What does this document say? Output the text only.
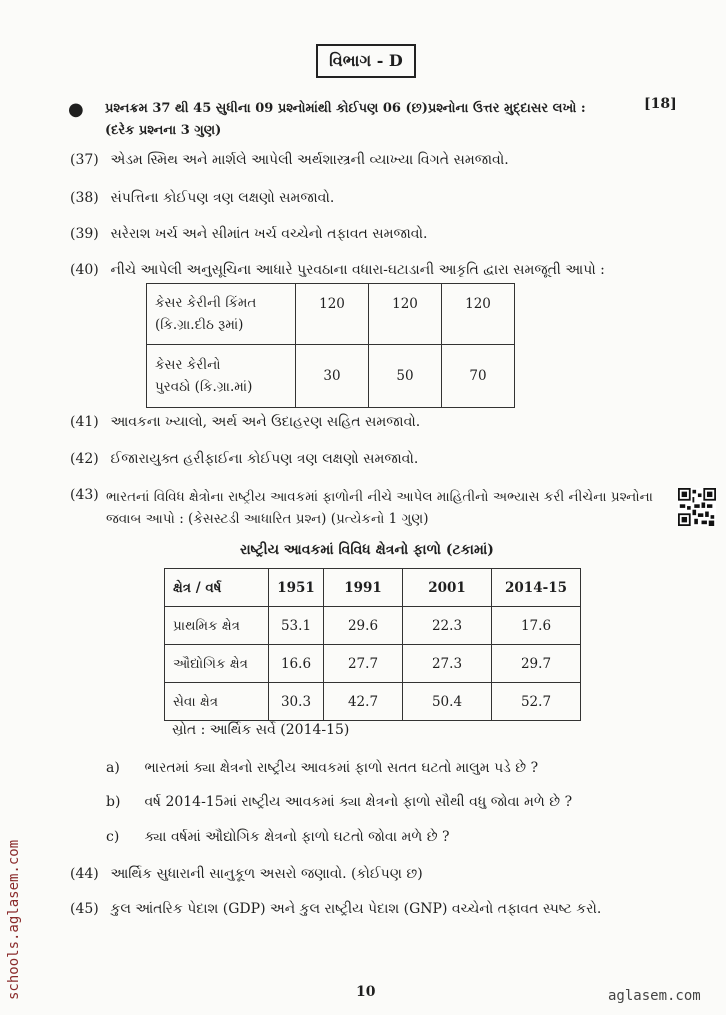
વિભાગ - D
● પ્રશ્નક્રમ 37 થી 45 સુધીના 09 પ્રશ્નોમાંથી કોઈપણ 06 (છ)પ્રશ્નોના ઉત્તર મુદ્દાસર લખો :
(દરેક પ્રશ્નના 3 ગુણ)
[18]
(37) એડમ સ્મિથ અને માર્શલે આપેલી અર્થશાસ્ત્રની વ્યાખ્યા વિગતે સમજાવો.
(38) સંપત્તિના કોઈપણ ત્રણ લક્ષણો સમજાવો.
(39) સરેરાશ ખર્ચ અને સીમાંત ખર્ચ વચ્ચેનો તફાવત સમજાવો.
(40) નીચે આપેલી અનુસૂચિના આધારે પુરવઠાના વધારા-ઘટાડાની આકૃતિ દ્વારા સમજૂતી આપો :
કેસર કેરીની કિંમત
(કિ.ગ્રા.દીઠ રૂમાં)	120	120	120

કેસર કેરીનો
પુરવઠો (કિ.ગ્રા.માં)	30	50	70
(41) આવકના ખ્યાલો, અર્થ અને ઉદાહરણ સહિત સમજાવો.
(42) ઈજારાયુક્ત હરીફાઈના કોઈપણ ત્રણ લક્ષણો સમજાવો.
(43) ભારતનાં વિવિધ ક્ષેત્રોના રાષ્ટ્રીય આવકમાં ફાળોની નીચે આપેલ માહિતીનો અભ્યાસ કરી નીચેના પ્રશ્નોના
જવાબ આપો : (કેસસ્ટડી આધારિત પ્રશ્ન) (પ્રત્યેકનો 1 ગુણ)
રાષ્ટ્રીય આવકમાં વિવિધ ક્ષેત્રનો ફાળો (ટકામાં)
ક્ષેત્ર / વર્ષ	1951	1991	2001	2014-15
પ્રાથમિક ક્ષેત્ર	53.1	29.6	22.3	17.6
ઔદ્યોગિક ક્ષેત્ર	16.6	27.7	27.3	29.7
સેવા ક્ષેત્ર	30.3	42.7	50.4	52.7
સ્રોત : આર્થિક સર્વે (2014-15)
a) ભારતમાં ક્યા ક્ષેત્રનો રાષ્ટ્રીય આવકમાં ફાળો સતત ઘટતો માલુમ પડે છે ?
b) વર્ષ 2014-15માં રાષ્ટ્રીય આવકમાં ક્યા ક્ષેત્રનો ફાળો સૌથી વધુ જોવા મળે છે ?
c) ક્યા વર્ષમાં ઔદ્યોગિક ક્ષેત્રનો ફાળો ઘટતો જોવા મળે છે ?
(44) આર્થિક સુધારાની સાનુકૂળ અસરો જણાવો. (કોઈપણ છ)
(45) કુલ આંતરિક પેદાશ (GDP) અને કુલ રાષ્ટ્રીય પેદાશ (GNP) વચ્ચેનો તફાવત સ્પષ્ટ કરો.
10
schools.aglasem.com	aglasem.com
